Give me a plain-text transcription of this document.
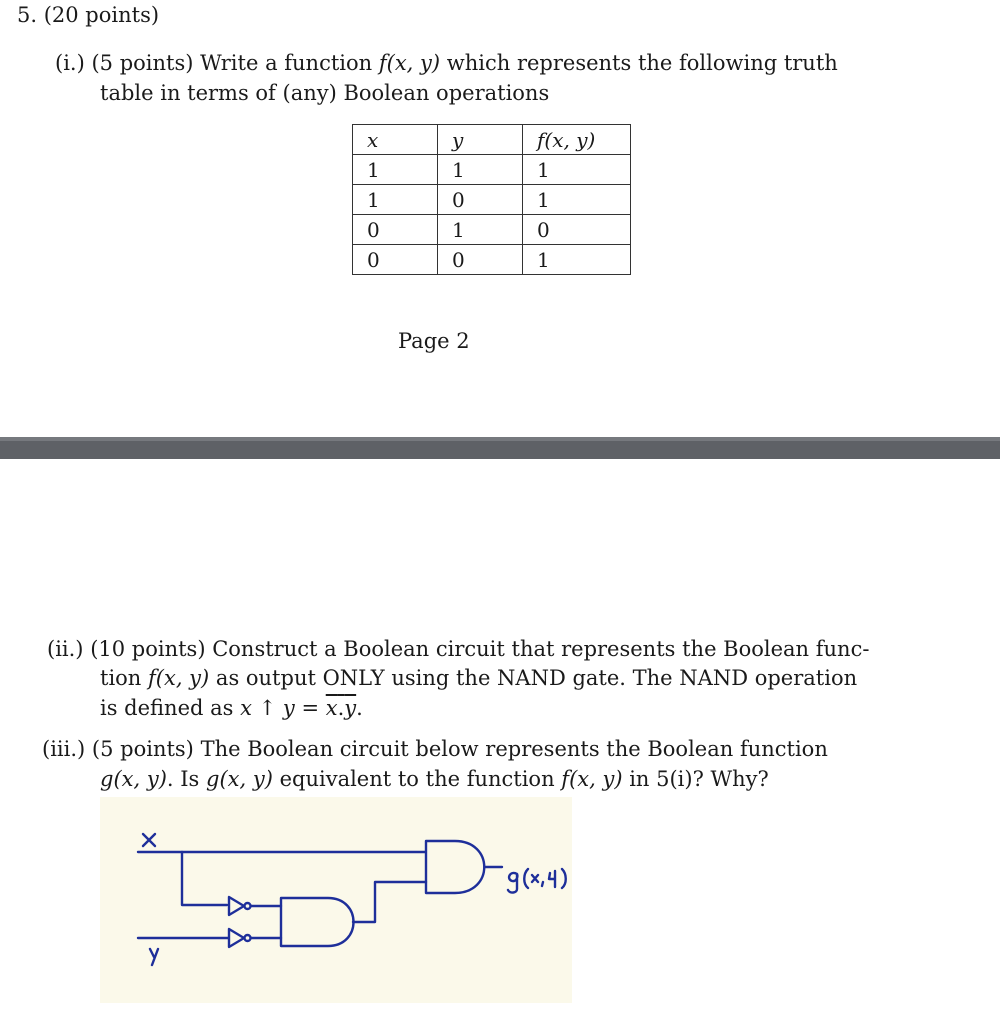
5. (20 points)
(i.) (5 points) Write a function f(x, y) which represents the following truth
table in terms of (any) Boolean operations
x	y	f(x, y)
1	1	1
1	0	1
0	1	0
0	0	1
Page 2
(ii.) (10 points) Construct a Boolean circuit that represents the Boolean func-
tion f(x, y) as output ONLY using the NAND gate. The NAND operation
is defined as x ↑ $y = \overline{x}.\overline{y}$.
(iii.) (5 points) The Boolean circuit below represents the Boolean function
g(x, y). Is g(x, y) equivalent to the function f(x, y) in 5(i)? Why?
